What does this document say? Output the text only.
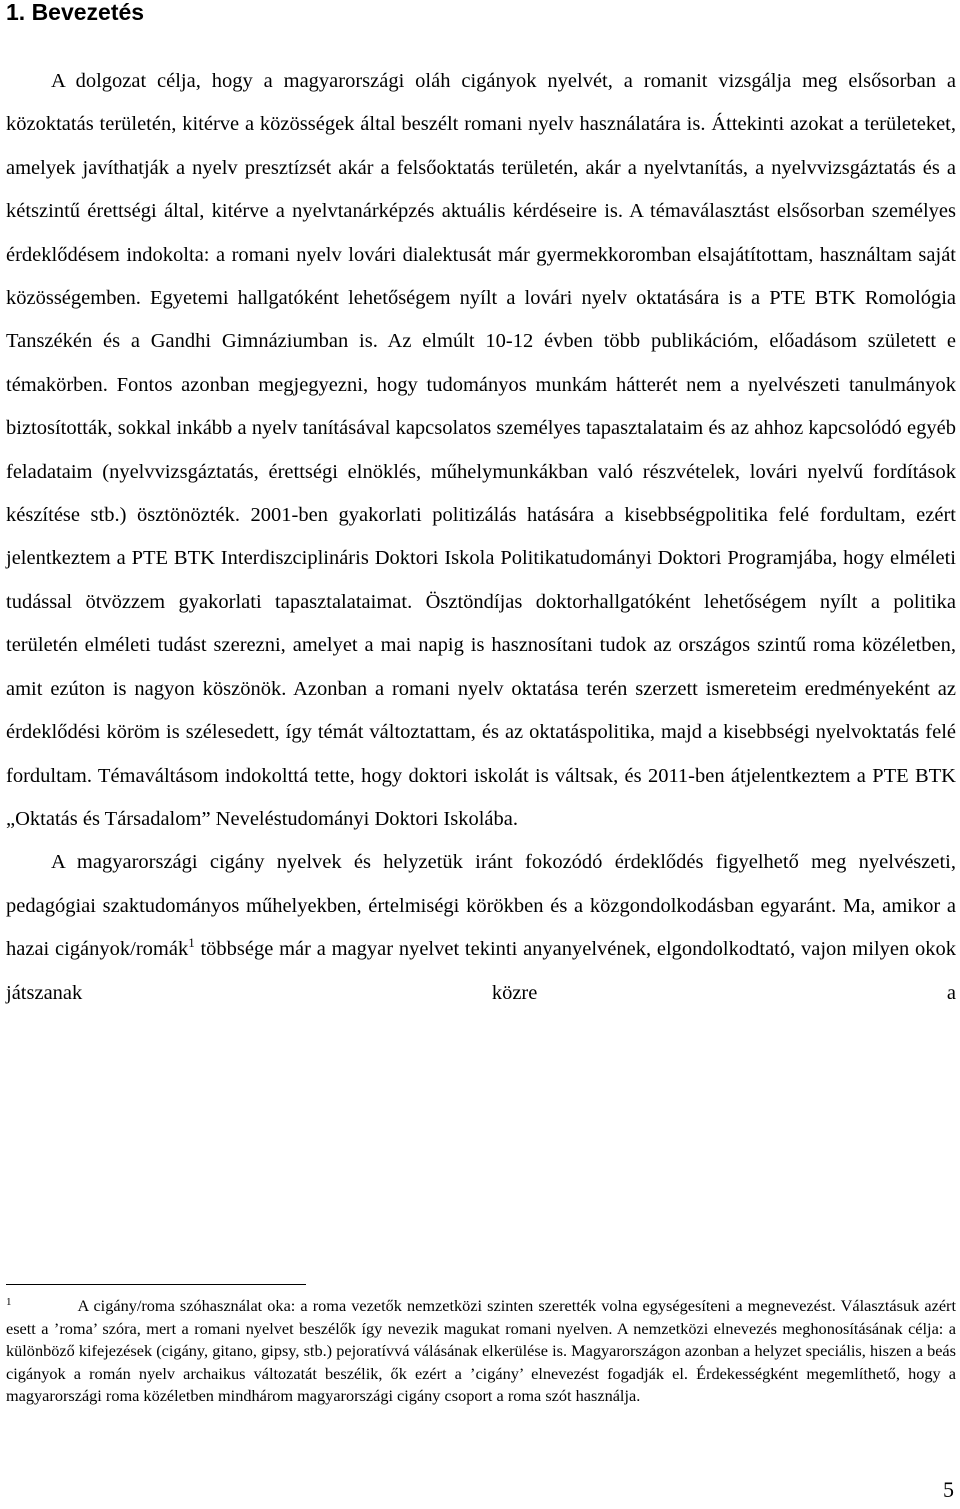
1. Bevezetés

A dolgozat célja, hogy a magyarországi oláh cigányok nyelvét, a romanit vizsgálja meg elsősorban a közoktatás területén, kitérve a közösségek által beszélt romani nyelv használatára is. Áttekinti azokat a területeket, amelyek javíthatják a nyelv presztízsét akár a felsőoktatás területén, akár a nyelvtanítás, a nyelvvizsgáztatás és a kétszintű érettségi által, kitérve a nyelvtanárképzés aktuális kérdéseire is. A témaválasztást elsősorban személyes érdeklődésem indokolta: a romani nyelv lovári dialektusát már gyermekkoromban elsajátítottam, használtam saját közösségemben. Egyetemi hallgatóként lehetőségem nyílt a lovári nyelv oktatására is a PTE BTK Romológia Tanszékén és a Gandhi Gimnáziumban is. Az elmúlt 10-12 évben több publikációm, előadásom született e témakörben. Fontos azonban megjegyezni, hogy tudományos munkám hátterét nem a nyelvészeti tanulmányok biztosították, sokkal inkább a nyelv tanításával kapcsolatos személyes tapasztalataim és az ahhoz kapcsolódó egyéb feladataim (nyelvvizsgáztatás, érettségi elnöklés, műhelymunkákban való részvételek, lovári nyelvű fordítások készítése stb.) ösztönözték. 2001-ben gyakorlati politizálás hatására a kisebbségpolitika felé fordultam, ezért jelentkeztem a PTE BTK Interdiszciplináris Doktori Iskola Politikatudományi Doktori Programjába, hogy elméleti tudással ötvözzem gyakorlati tapasztalataimat. Ösztöndíjas doktorhallgatóként lehetőségem nyílt a politika területén elméleti tudást szerezni, amelyet a mai napig is hasznosítani tudok az országos szintű roma közéletben, amit ezúton is nagyon köszönök. Azonban a romani nyelv oktatása terén szerzett ismereteim eredményeként az érdeklődési köröm is szélesedett, így témát változtattam, és az oktatáspolitika, majd a kisebbségi nyelvoktatás felé fordultam. Témaváltásom indokolttá tette, hogy doktori iskolát is váltsak, és 2011-ben átjelentkeztem a PTE BTK „Oktatás és Társadalom” Neveléstudományi Doktori Iskolába.

A magyarországi cigány nyelvek és helyzetük iránt fokozódó érdeklődés figyelhető meg nyelvészeti, pedagógiai szaktudományos műhelyekben, értelmiségi körökben és a közgondolkodásban egyaránt. Ma, amikor a hazai cigányok/romák$^1$ többsége már a magyar nyelvet tekinti anyanyelvének, elgondolkodtató, vajon milyen okok játszanak közre a

$^1$	A cigány/roma szóhasználat oka: a roma vezetők nemzetközi szinten szerették volna egységesíteni a megnevezést. Választásuk azért esett a ’roma’ szóra, mert a romani nyelvet beszélők így nevezik magukat romani nyelven. A nemzetközi elnevezés meghonosításának célja: a különböző kifejezések (cigány, gitano, gipsy, stb.) pejoratívvá válásának elkerülése is. Magyarországon azonban a helyzet speciális, hiszen a beás cigányok a román nyelv archaikus változatát beszélik, ők ezért a ’cigány’ elnevezést fogadják el. Érdekességként megemlíthető, hogy a magyarországi roma közéletben mindhárom magyarországi cigány csoport a roma szót használja.

5
